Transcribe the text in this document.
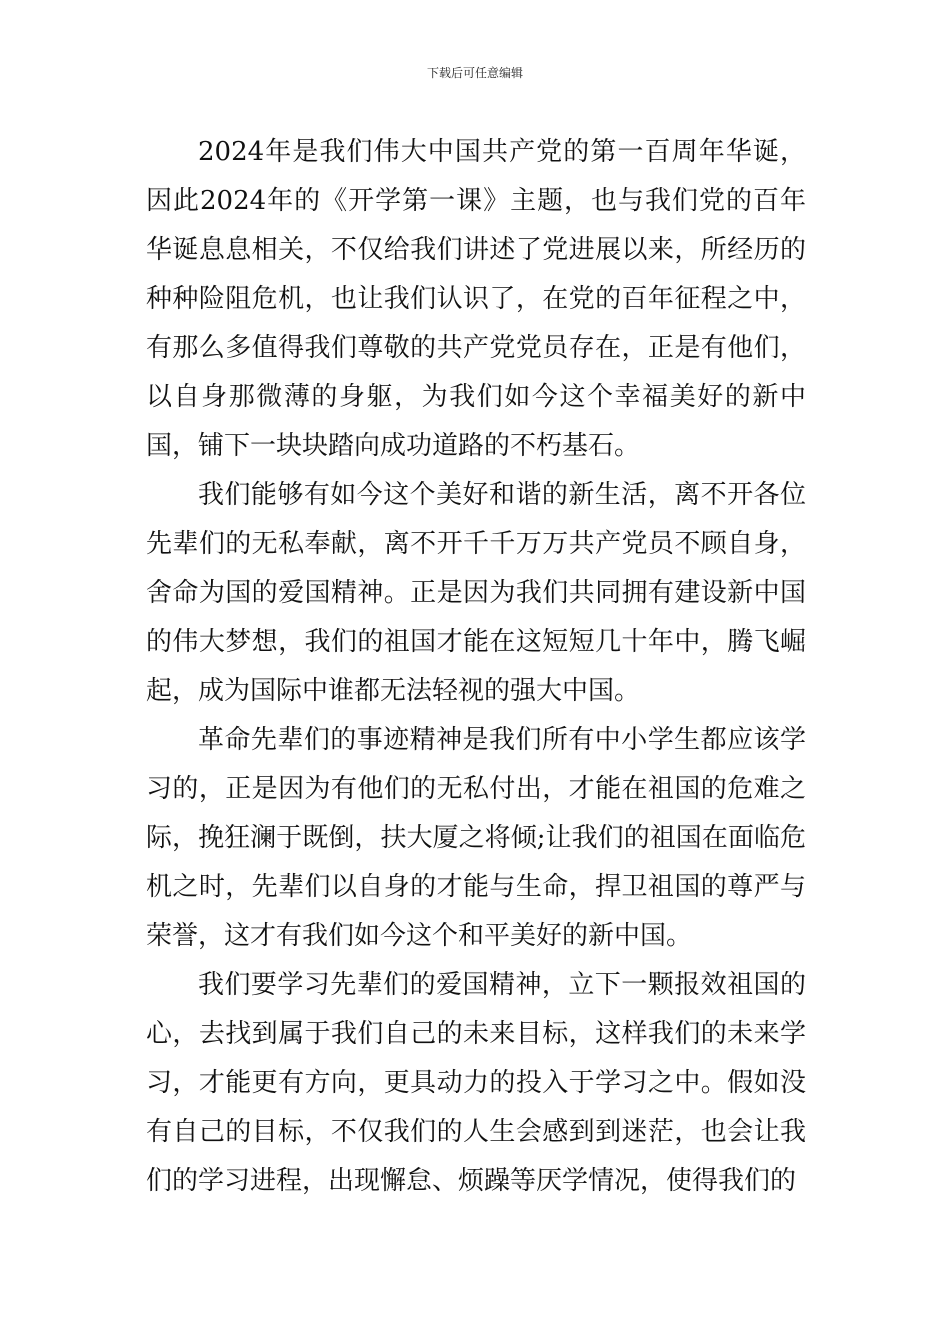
下载后可任意编辑

2024年是我们伟大中国共产党的第一百周年华诞，因此2024年的《开学第一课》主题，也与我们党的百年华诞息息相关，不仅给我们讲述了党进展以来，所经历的种种险阻危机，也让我们认识了，在党的百年征程之中，有那么多值得我们尊敬的共产党党员存在，正是有他们，以自身那微薄的身躯，为我们如今这个幸福美好的新中国，铺下一块块踏向成功道路的不朽基石。

我们能够有如今这个美好和谐的新生活，离不开各位先辈们的无私奉献，离不开千千万万共产党员不顾自身，舍命为国的爱国精神。正是因为我们共同拥有建设新中国的伟大梦想，我们的祖国才能在这短短几十年中，腾飞崛起，成为国际中谁都无法轻视的强大中国。

革命先辈们的事迹精神是我们所有中小学生都应该学习的，正是因为有他们的无私付出，才能在祖国的危难之际，挽狂澜于既倒，扶大厦之将倾;让我们的祖国在面临危机之时，先辈们以自身的才能与生命，捍卫祖国的尊严与荣誉，这才有我们如今这个和平美好的新中国。

我们要学习先辈们的爱国精神，立下一颗报效祖国的心，去找到属于我们自己的未来目标，这样我们的未来学习，才能更有方向，更具动力的投入于学习之中。假如没有自己的目标，不仅我们的人生会感到到迷茫，也会让我们的学习进程，出现懈怠、烦躁等厌学情况，使得我们的
